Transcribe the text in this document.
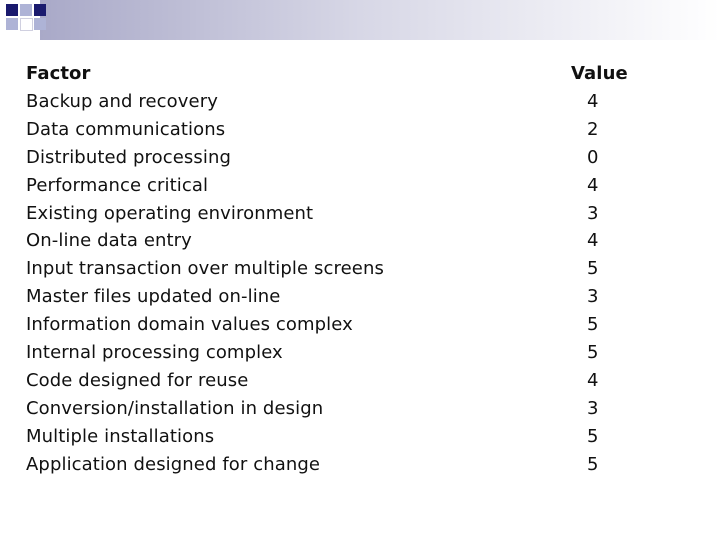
Factor	Value
Backup and recovery	4
Data communications	2
Distributed processing	0
Performance critical	4
Existing operating environment	3
On-line data entry	4
Input transaction over multiple screens	5
Master files updated on-line	3
Information domain values complex	5
Internal processing complex	5
Code designed for reuse	4
Conversion/installation in design	3
Multiple installations	5
Application designed for change	5
